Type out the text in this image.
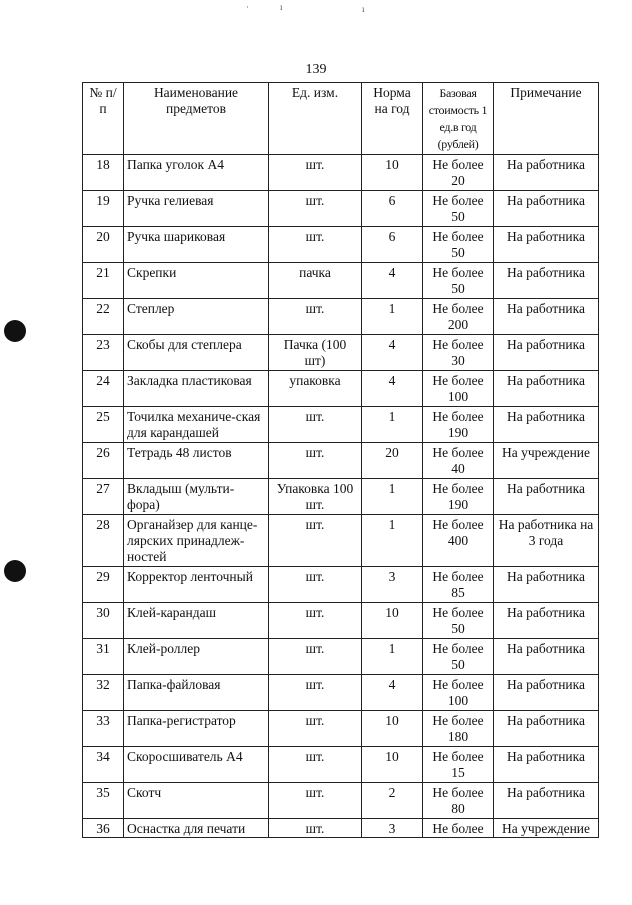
·	ı	ı
139
№ п/п	Наименование предметов	Ед. изм.	Норма на год	Базовая стоимость 1 ед.в год (рублей)	Примечание
18	Папка уголок А4	шт.	10	Не более 20	На работника
19	Ручка гелиевая	шт.	6	Не более 50	На работника
20	Ручка шариковая	шт.	6	Не более 50	На работника
21	Скрепки	пачка	4	Не более 50	На работника
22	Степлер	шт.	1	Не более 200	На работника
23	Скобы для степлера	Пачка (100 шт)	4	Не более 30	На работника
24	Закладка пластиковая	упаковка	4	Не более 100	На работника
25	Точилка механиче-ская для карандашей	шт.	1	Не более 190	На работника
26	Тетрадь 48 листов	шт.	20	Не более 40	На учреждение
27	Вкладыш (мульти-фора)	Упаковка 100 шт.	1	Не более 190	На работника
28	Органайзер для канце-лярских принадлеж-ностей	шт.	1	Не более 400	На работника на 3 года
29	Корректор ленточный	шт.	3	Не более 85	На работника
30	Клей-карандаш	шт.	10	Не более 50	На работника
31	Клей-роллер	шт.	1	Не более 50	На работника
32	Папка-файловая	шт.	4	Не более 100	На работника
33	Папка-регистратор	шт.	10	Не более 180	На работника
34	Скоросшиватель А4	шт.	10	Не более 15	На работника
35	Скотч	шт.	2	Не более 80	На работника
36	Оснастка для печати	шт.	3	Не более	На учреждение
